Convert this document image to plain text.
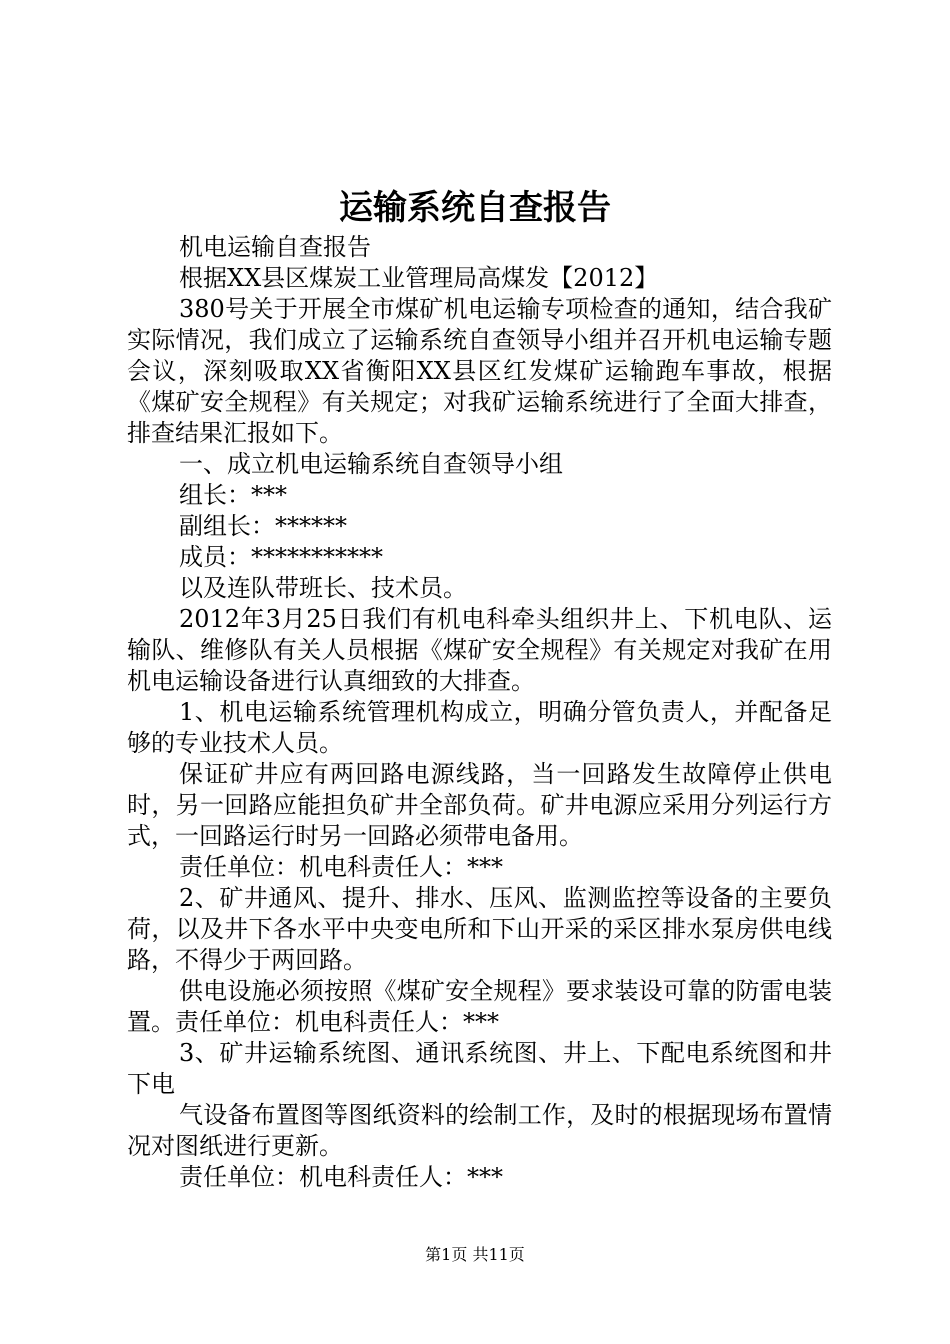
运输系统自查报告

机电运输自查报告

根据XX县区煤炭工业管理局高煤发【2012】

380号关于开展全市煤矿机电运输专项检查的通知，结合我矿实际情况，我们成立了运输系统自查领导小组并召开机电运输专题会议，深刻吸取XX省衡阳XX县区红发煤矿运输跑车事故，根据《煤矿安全规程》有关规定；对我矿运输系统进行了全面大排查，排查结果汇报如下。

一、成立机电运输系统自查领导小组

组长：***

副组长：******

成员：***********

以及连队带班长、技术员。

2012年3月25日我们有机电科牵头组织井上、下机电队、运输队、维修队有关人员根据《煤矿安全规程》有关规定对我矿在用机电运输设备进行认真细致的大排查。

1、机电运输系统管理机构成立，明确分管负责人，并配备足够的专业技术人员。

保证矿井应有两回路电源线路，当一回路发生故障停止供电时，另一回路应能担负矿井全部负荷。矿井电源应采用分列运行方式，一回路运行时另一回路必须带电备用。

责任单位：机电科责任人：***

2、矿井通风、提升、排水、压风、监测监控等设备的主要负荷，以及井下各水平中央变电所和下山开采的采区排水泵房供电线路，不得少于两回路。

供电设施必须按照《煤矿安全规程》要求装设可靠的防雷电装置。责任单位：机电科责任人：***

3、矿井运输系统图、通讯系统图、井上、下配电系统图和井下电

气设备布置图等图纸资料的绘制工作，及时的根据现场布置情况对图纸进行更新。

责任单位：机电科责任人：***

第1页 共11页
